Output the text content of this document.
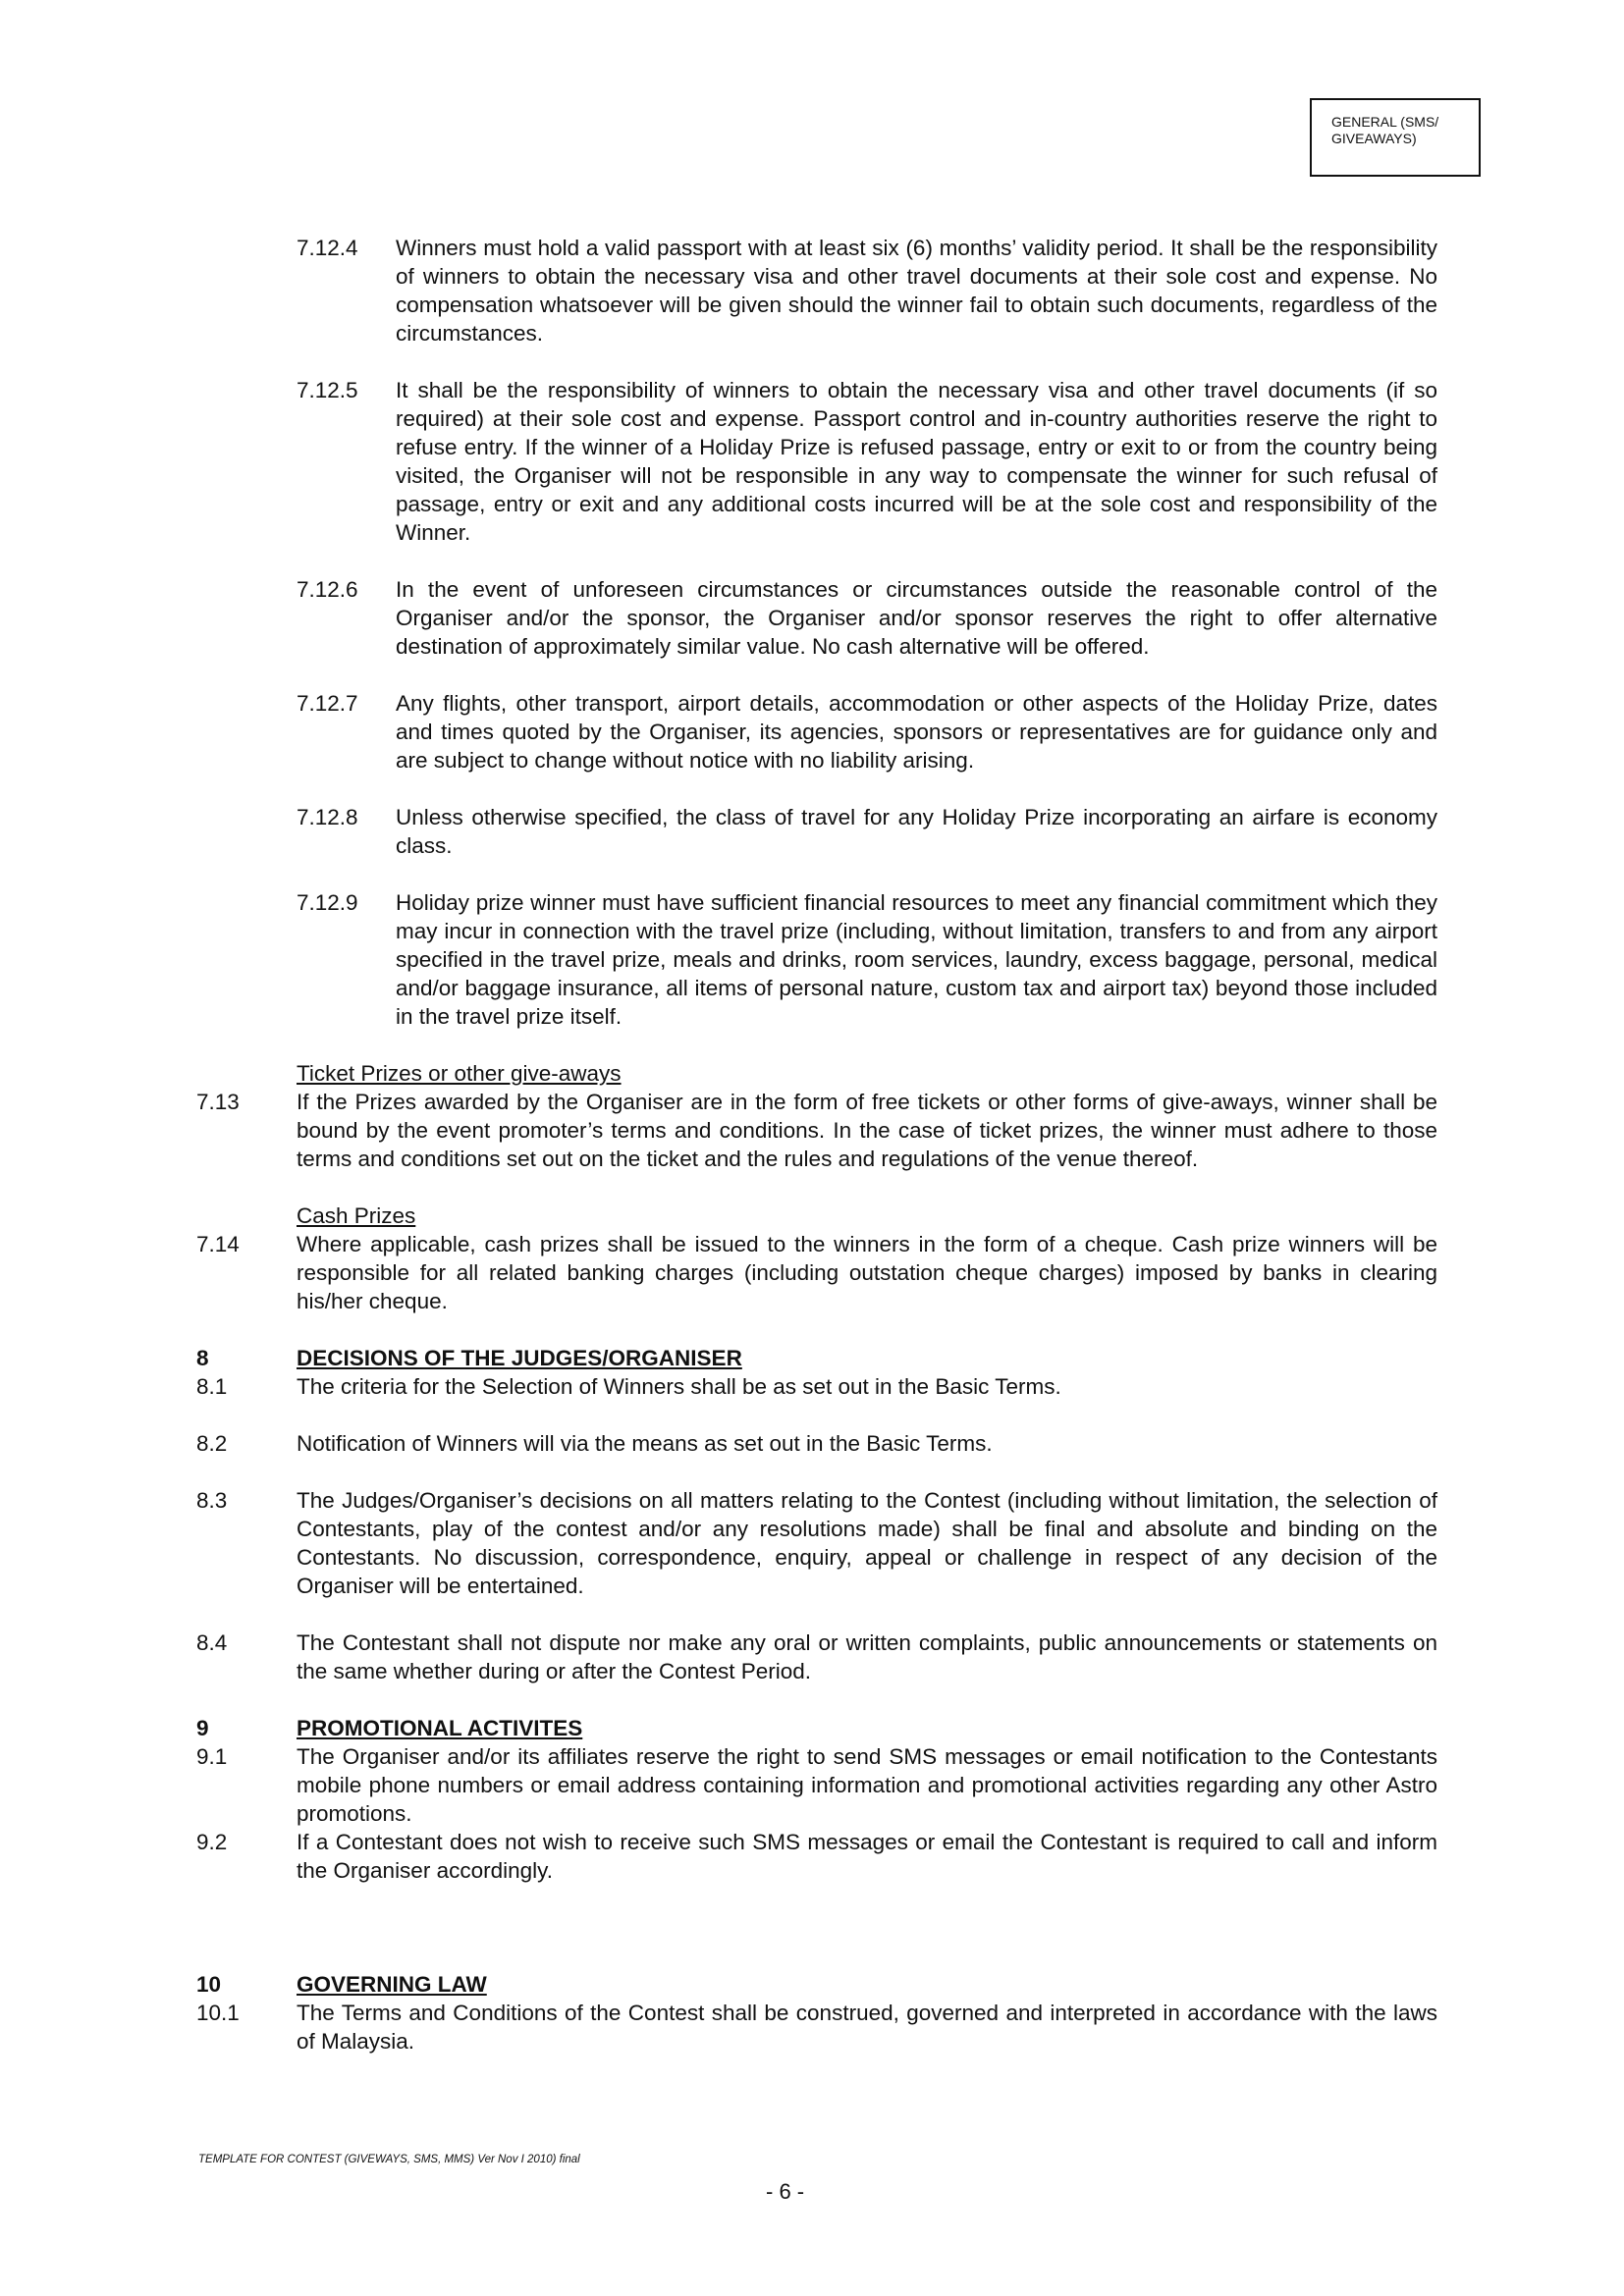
GENERAL (SMS/
GIVEAWAYS)
7.12.4 Winners must hold a valid passport with at least six (6) months’ validity period. It shall be the responsibility of winners to obtain the necessary visa and other travel documents at their sole cost and expense. No compensation whatsoever will be given should the winner fail to obtain such documents, regardless of the circumstances.
7.12.5 It shall be the responsibility of winners to obtain the necessary visa and other travel documents (if so required) at their sole cost and expense. Passport control and in-country authorities reserve the right to refuse entry. If the winner of a Holiday Prize is refused passage, entry or exit to or from the country being visited, the Organiser will not be responsible in any way to compensate the winner for such refusal of passage, entry or exit and any additional costs incurred will be at the sole cost and responsibility of the Winner.
7.12.6 In the event of unforeseen circumstances or circumstances outside the reasonable control of the Organiser and/or the sponsor, the Organiser and/or sponsor reserves the right to offer alternative destination of approximately similar value. No cash alternative will be offered.
7.12.7 Any flights, other transport, airport details, accommodation or other aspects of the Holiday Prize, dates and times quoted by the Organiser, its agencies, sponsors or representatives are for guidance only and are subject to change without notice with no liability arising.
7.12.8 Unless otherwise specified, the class of travel for any Holiday Prize incorporating an airfare is economy class.
7.12.9 Holiday prize winner must have sufficient financial resources to meet any financial commitment which they may incur in connection with the travel prize (including, without limitation, transfers to and from any airport specified in the travel prize, meals and drinks, room services, laundry, excess baggage, personal, medical and/or baggage insurance, all items of personal nature, custom tax and airport tax) beyond those included in the travel prize itself.
Ticket Prizes or other give-aways
7.13	If the Prizes awarded by the Organiser are in the form of free tickets or other forms of give-aways, winner shall be bound by the event promoter’s terms and conditions. In the case of ticket prizes, the winner must adhere to those terms and conditions set out on the ticket and the rules and regulations of the venue thereof.
Cash Prizes
7.14	Where applicable, cash prizes shall be issued to the winners in the form of a cheque. Cash prize winners will be responsible for all related banking charges (including outstation cheque charges) imposed by banks in clearing his/her cheque.
8	DECISIONS OF THE JUDGES/ORGANISER
8.1	The criteria for the Selection of Winners shall be as set out in the Basic Terms.
8.2	Notification of Winners will via the means as set out in the Basic Terms.
8.3	The Judges/Organiser’s decisions on all matters relating to the Contest (including without limitation, the selection of Contestants, play of the contest and/or any resolutions made) shall be final and absolute and binding on the Contestants. No discussion, correspondence, enquiry, appeal or challenge in respect of any decision of the Organiser will be entertained.
8.4	The Contestant shall not dispute nor make any oral or written complaints, public announcements or statements on the same whether during or after the Contest Period.
9	PROMOTIONAL ACTIVITES
9.1	The Organiser and/or its affiliates reserve the right to send SMS messages or email notification to the Contestants mobile phone numbers or email address containing information and promotional activities regarding any other Astro promotions.
9.2	If a Contestant does not wish to receive such SMS messages or email the Contestant is required to call and inform the Organiser accordingly.
10	GOVERNING LAW
10.1	The Terms and Conditions of the Contest shall be construed, governed and interpreted in accordance with the laws of Malaysia.
TEMPLATE FOR CONTEST (GIVEWAYS, SMS, MMS) Ver Nov I 2010) final
- 6 -
